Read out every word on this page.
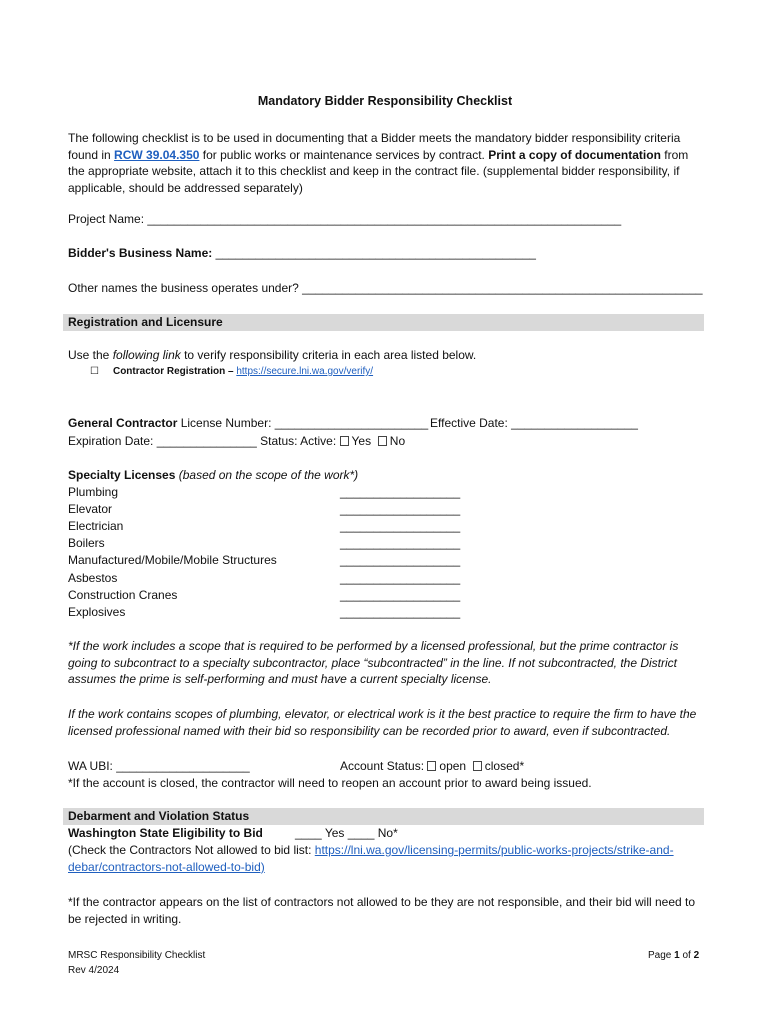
Mandatory Bidder Responsibility Checklist
The following checklist is to be used in documenting that a Bidder meets the mandatory bidder responsibility criteria found in RCW 39.04.350 for public works or maintenance services by contract. Print a copy of documentation from the appropriate website, attach it to this checklist and keep in the contract file. (supplemental bidder responsibility, if applicable, should be addressed separately)
Project Name: _______________________________________________________________________
Bidder's Business Name: ________________________________________________
Other names the business operates under? ____________________________________________________________
Registration and Licensure
Use the following link to verify responsibility criteria in each area listed below.
☐ Contractor Registration – https://secure.lni.wa.gov/verify/
General Contractor License Number: _______________________ Effective Date: ___________________
Expiration Date: _______________ Status: Active: Yes No
Specialty Licenses (based on the scope of the work*)
Plumbing	__________________
Elevator	__________________
Electrician	__________________
Boilers	__________________
Manufactured/Mobile/Mobile Structures	__________________
Asbestos	__________________
Construction Cranes	__________________
Explosives	__________________
*If the work includes a scope that is required to be performed by a licensed professional, but the prime contractor is going to subcontract to a specialty subcontractor, place “subcontracted” in the line. If not subcontracted, the District assumes the prime is self-performing and must have a current specialty license.
If the work contains scopes of plumbing, elevator, or electrical work is it the best practice to require the firm to have the licensed professional named with their bid so responsibility can be recorded prior to award, even if subcontracted.
WA UBI: ____________________	Account Status: open closed*
*If the account is closed, the contractor will need to reopen an account prior to award being issued.
Debarment and Violation Status
Washington State Eligibility to Bid	____ Yes ____ No*
(Check the Contractors Not allowed to bid list: https://lni.wa.gov/licensing-permits/public-works-projects/strike-and-
debar/contractors-not-allowed-to-bid)
*If the contractor appears on the list of contractors not allowed to be they are not responsible, and their bid will need to be rejected in writing.
MRSC Responsibility Checklist
Rev 4/2024
Page 1 of 2
